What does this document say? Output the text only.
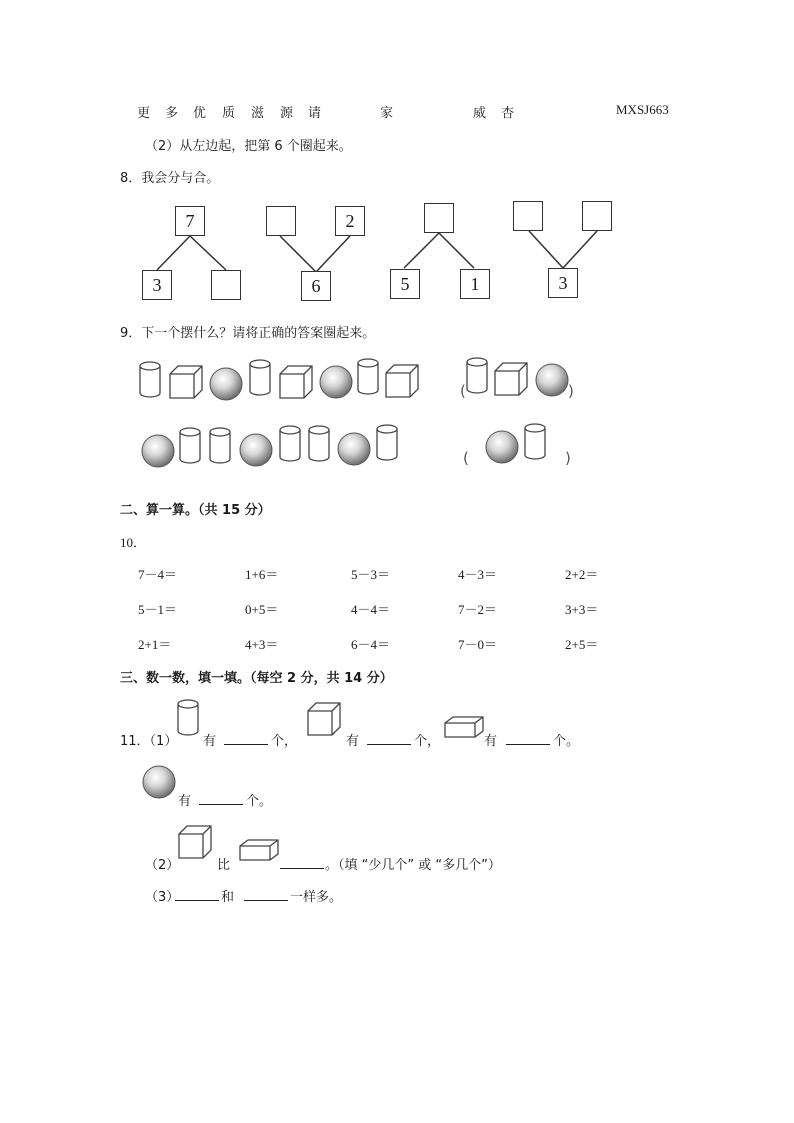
更 多 优 质 滋 源 请	家	威 杏	MXSJ663
（2）从左边起，把第 6 个圈起来。
8．我会分与合。
7
3
2
6	5	1	3
9．下一个摆什么？请将正确的答案圈起来。
(	)
(	)
二、算一算。（共 15 分）
10．
7－4＝	1+6＝	5－3＝	4－3＝	2+2＝
5－1＝	0+5＝	4－4＝	7－2＝	3+3＝
2+1＝	4+3＝	6－4＝	7－0＝	2+5＝
三、数一数，填一填。（每空 2 分，共 14 分）
11．（1） 有	个，	有	个，	有	个。
有	个。
（2）	比	。（填 “少几个” 或 “多几个”）
（3）	和	一样多。
